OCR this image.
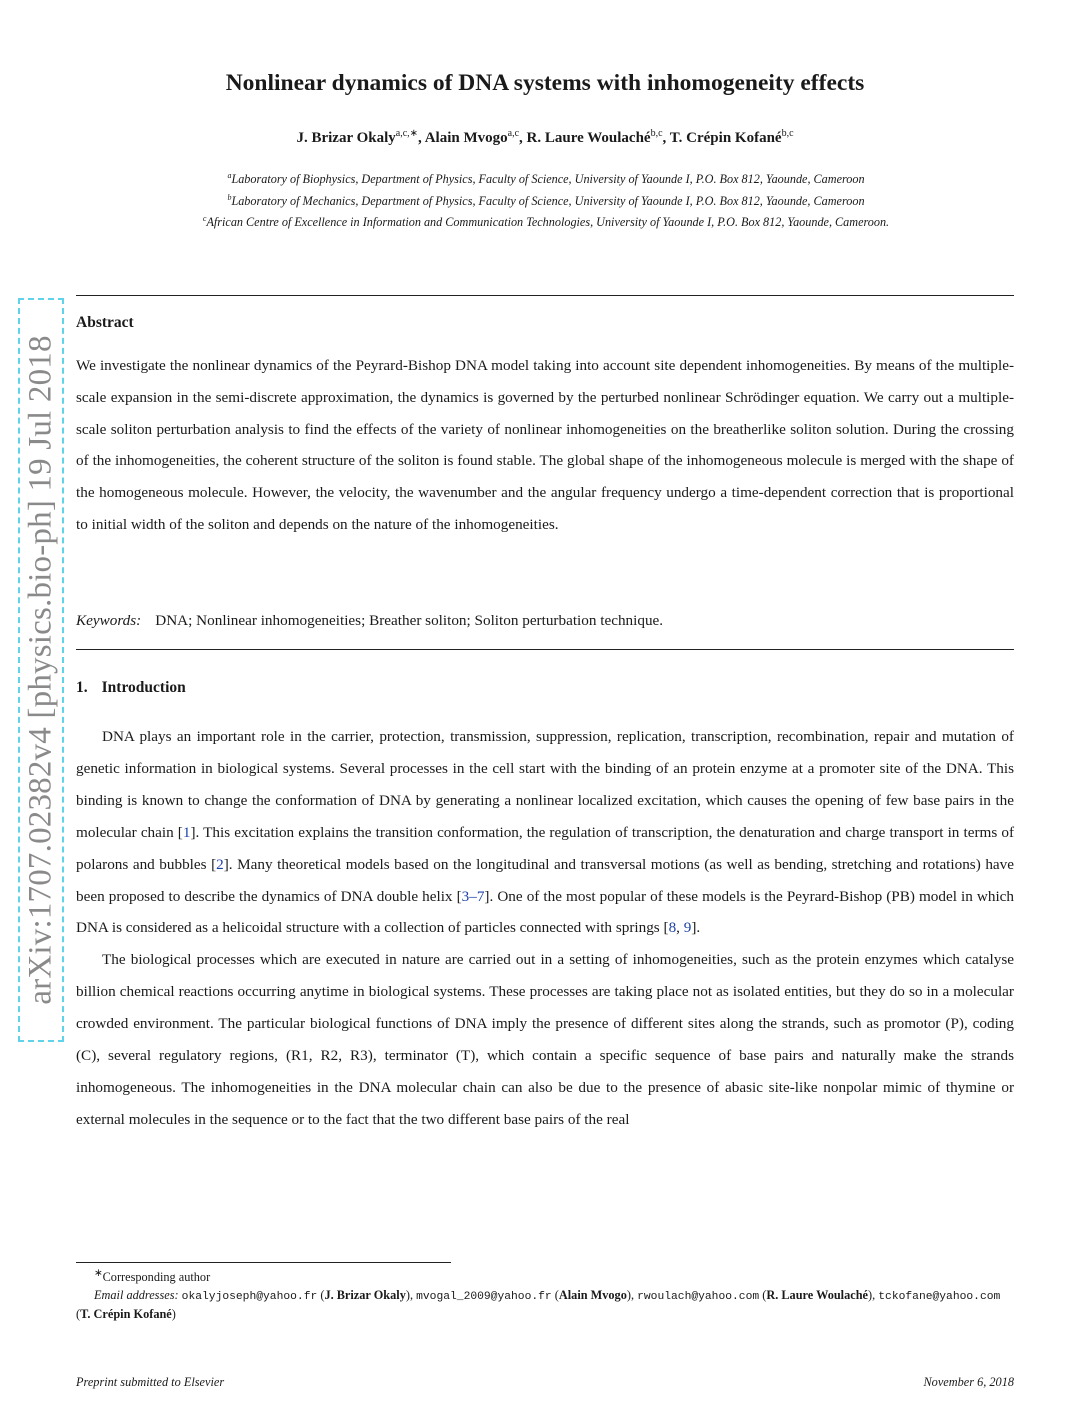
arXiv:1707.02382v4 [physics.bio-ph] 19 Jul 2018
Nonlinear dynamics of DNA systems with inhomogeneity effects
J. Brizar Okaly$^{a,c,∗}$, Alain Mvogo$^{a,c}$, R. Laure Woulaché$^{b,c}$, T. Crépin Kofané$^{b,c}$
$^a$Laboratory of Biophysics, Department of Physics, Faculty of Science, University of Yaounde I, P.O. Box 812, Yaounde, Cameroon
$^b$Laboratory of Mechanics, Department of Physics, Faculty of Science, University of Yaounde I, P.O. Box 812, Yaounde, Cameroon
$^c$African Centre of Excellence in Information and Communication Technologies, University of Yaounde I, P.O. Box 812, Yaounde, Cameroon.
Abstract
We investigate the nonlinear dynamics of the Peyrard-Bishop DNA model taking into account site dependent inhomogeneities. By means of the multiple-scale expansion in the semi-discrete approximation, the dynamics is governed by the perturbed nonlinear Schrödinger equation. We carry out a multiple-scale soliton perturbation analysis to find the effects of the variety of nonlinear inhomogeneities on the breatherlike soliton solution. During the crossing of the inhomogeneities, the coherent structure of the soliton is found stable. The global shape of the inhomogeneous molecule is merged with the shape of the homogeneous molecule. However, the velocity, the wavenumber and the angular frequency undergo a time-dependent correction that is proportional to initial width of the soliton and depends on the nature of the inhomogeneities.
Keywords: DNA; Nonlinear inhomogeneities; Breather soliton; Soliton perturbation technique.
1. Introduction

DNA plays an important role in the carrier, protection, transmission, suppression, replication, transcription, recombination, repair and mutation of genetic information in biological systems. Several processes in the cell start with the binding of an protein enzyme at a promoter site of the DNA. This binding is known to change the conformation of DNA by generating a nonlinear localized excitation, which causes the opening of few base pairs in the molecular chain [1]. This excitation explains the transition conformation, the regulation of transcription, the denaturation and charge transport in terms of polarons and bubbles [2]. Many theoretical models based on the longitudinal and transversal motions (as well as bending, stretching and rotations) have been proposed to describe the dynamics of DNA double helix [3–7]. One of the most popular of these models is the Peyrard-Bishop (PB) model in which DNA is considered as a helicoidal structure with a collection of particles connected with springs [8, 9].

The biological processes which are executed in nature are carried out in a setting of inhomogeneities, such as the protein enzymes which catalyse billion chemical reactions occurring anytime in biological systems. These processes are taking place not as isolated entities, but they do so in a molecular crowded environment. The particular biological functions of DNA imply the presence of different sites along the strands, such as promotor (P), coding (C), several regulatory regions, (R1, R2, R3), terminator (T), which contain a specific sequence of base pairs and naturally make the strands inhomogeneous. The inhomogeneities in the DNA molecular chain can also be due to the presence of abasic site-like nonpolar mimic of thymine or external molecules in the sequence or to the fact that the two different base pairs of the real

∗Corresponding author
Email addresses: okalyjoseph@yahoo.fr (J. Brizar Okaly), mvogal_2009@yahoo.fr (Alain Mvogo), rwoulach@yahoo.com (R. Laure Woulaché), tckofane@yahoo.com (T. Crépin Kofané)
Preprint submitted to Elsevier	November 6, 2018
